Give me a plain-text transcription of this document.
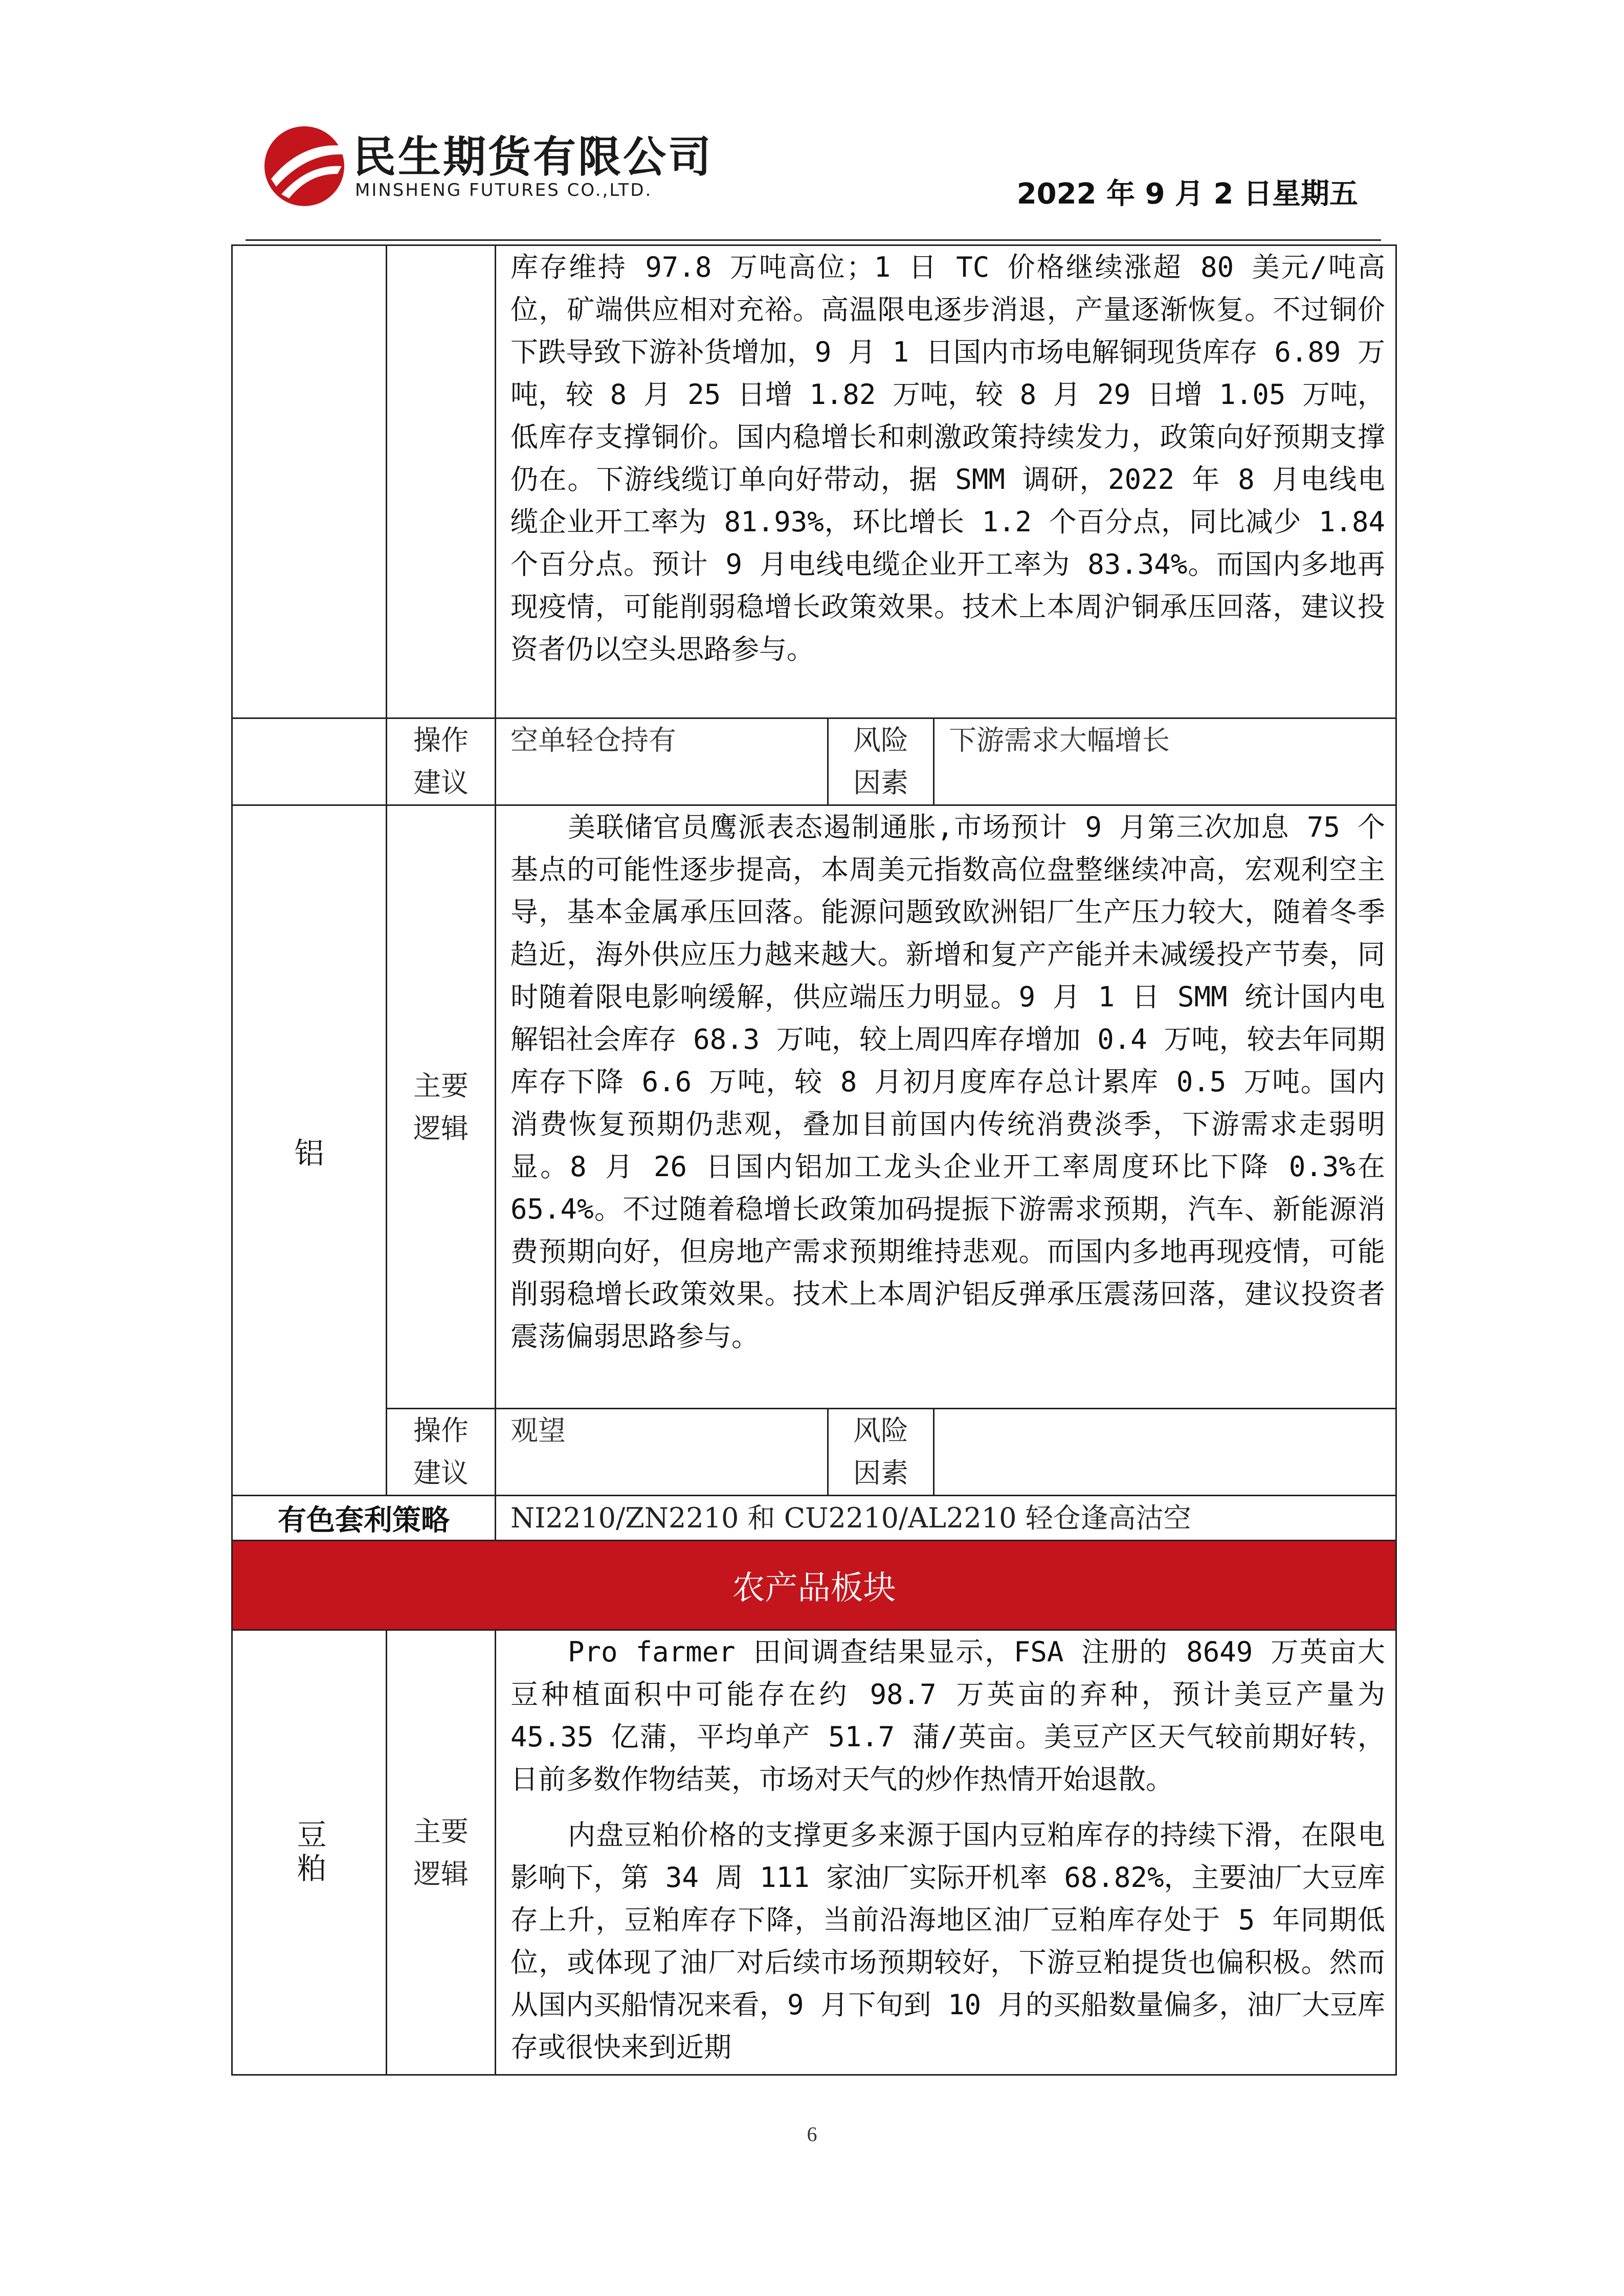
民生期货有限公司
MINSHENG FUTURES CO.,LTD.	2022 年 9 月 2 日星期五

		库存维持 97.8 万吨高位；1 日 TC 价格继续涨超 80 美元/吨高位，矿端供应相对充裕。高温限电逐步消退，产量逐渐恢复。不过铜价下跌导致下游补货增加，9 月 1 日国内市场电解铜现货库存 6.89 万吨，较 8 月 25 日增 1.82 万吨，较 8 月 29 日增 1.05 万吨，低库存支撑铜价。国内稳增长和刺激政策持续发力，政策向好预期支撑仍在。下游线缆订单向好带动，据 SMM 调研，2022 年 8 月电线电缆企业开工率为 81.93%，环比增长 1.2 个百分点，同比减少 1.84 个百分点。预计 9 月电线电缆企业开工率为 83.34%。而国内多地再现疫情，可能削弱稳增长政策效果。技术上本周沪铜承压回落，建议投资者仍以空头思路参与。		

	操作建议	空单轻仓持有	风险因素	下游需求大幅增长
铝	主要逻辑	美联储官员鹰派表态遏制通胀,市场预计 9 月第三次加息 75 个基点的可能性逐步提高，本周美元指数高位盘整继续冲高，宏观利空主导，基本金属承压回落。能源问题致欧洲铝厂生产压力较大，随着冬季趋近，海外供应压力越来越大。新增和复产产能并未减缓投产节奏，同时随着限电影响缓解，供应端压力明显。9 月 1 日 SMM 统计国内电解铝社会库存 68.3 万吨，较上周四库存增加 0.4 万吨，较去年同期库存下降 6.6 万吨，较 8 月初月度库存总计累库 0.5 万吨。国内消费恢复预期仍悲观，叠加目前国内传统消费淡季，下游需求走弱明显。8 月 26 日国内铝加工龙头企业开工率周度环比下降 0.3%在 65.4%。不过随着稳增长政策加码提振下游需求预期，汽车、新能源消费预期向好，但房地产需求预期维持悲观。而国内多地再现疫情，可能削弱稳增长政策效果。技术上本周沪铝反弹承压震荡回落，建议投资者震荡偏弱思路参与。		

	操作建议	观望	风险因素	
有色套利策略		NI2210/ZN2210 和 CU2210/AL2210 轻仓逢高沽空		
农产品板块				

豆粕	主要逻辑	Pro farmer 田间调查结果显示，FSA 注册的 8649 万英亩大豆种植面积中可能存在约 98.7 万英亩的弃种，预计美豆产量为 45.35 亿蒲，平均单产 51.7 蒲/英亩。美豆产区天气较前期好转，日前多数作物结荚，市场对天气的炒作热情开始退散。

内盘豆粕价格的支撑更多来源于国内豆粕库存的持续下滑，在限电影响下，第 34 周 111 家油厂实际开机率 68.82%，主要油厂大豆库存上升，豆粕库存下降，当前沿海地区油厂豆粕库存处于 5 年同期低位，或体现了油厂对后续市场预期较好，下游豆粕提货也偏积极。然而从国内买船情况来看，9 月下旬到 10 月的买船数量偏多，油厂大豆库存或很快来到近期		

6
